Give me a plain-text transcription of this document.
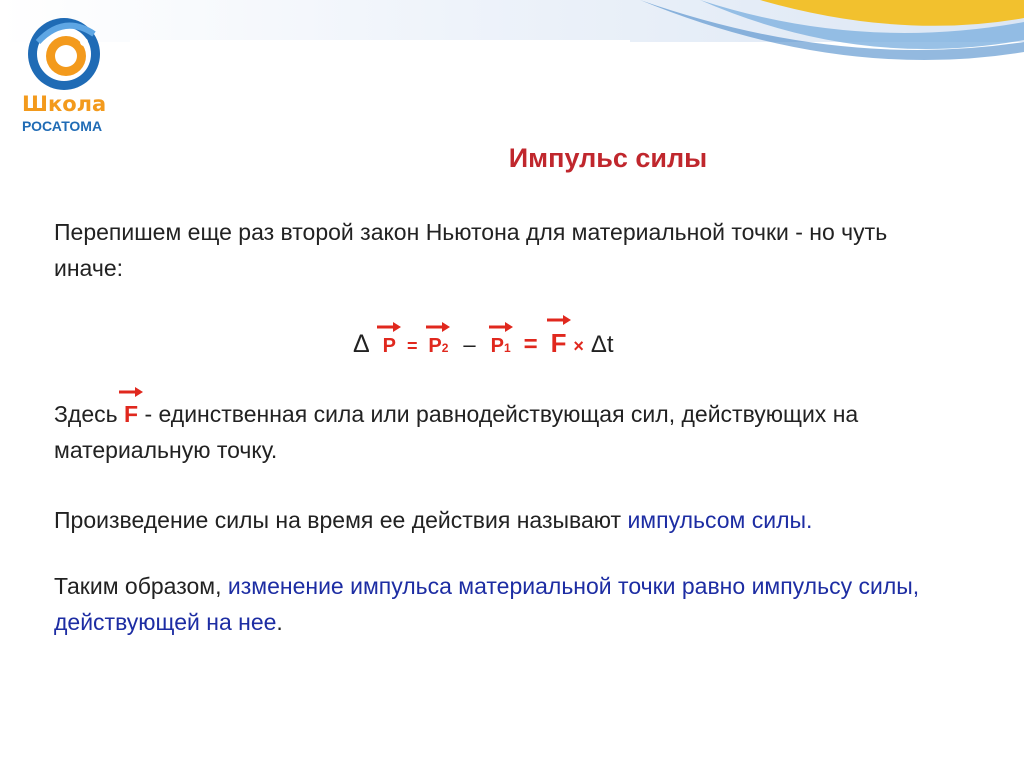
Школа
РОСАТОМА
Импульс силы
Перепишем еще раз второй закон Ньютона для материальной точки - но чуть иначе:
Δ P = P2 – P1 = F × Δt
Здесь F - единственная сила или равнодействующая сил, действующих на материальную точку.
Произведение силы на время ее действия называют импульсом силы.
Таким образом, изменение импульса материальной точки равно импульсу силы, действующей на нее.
